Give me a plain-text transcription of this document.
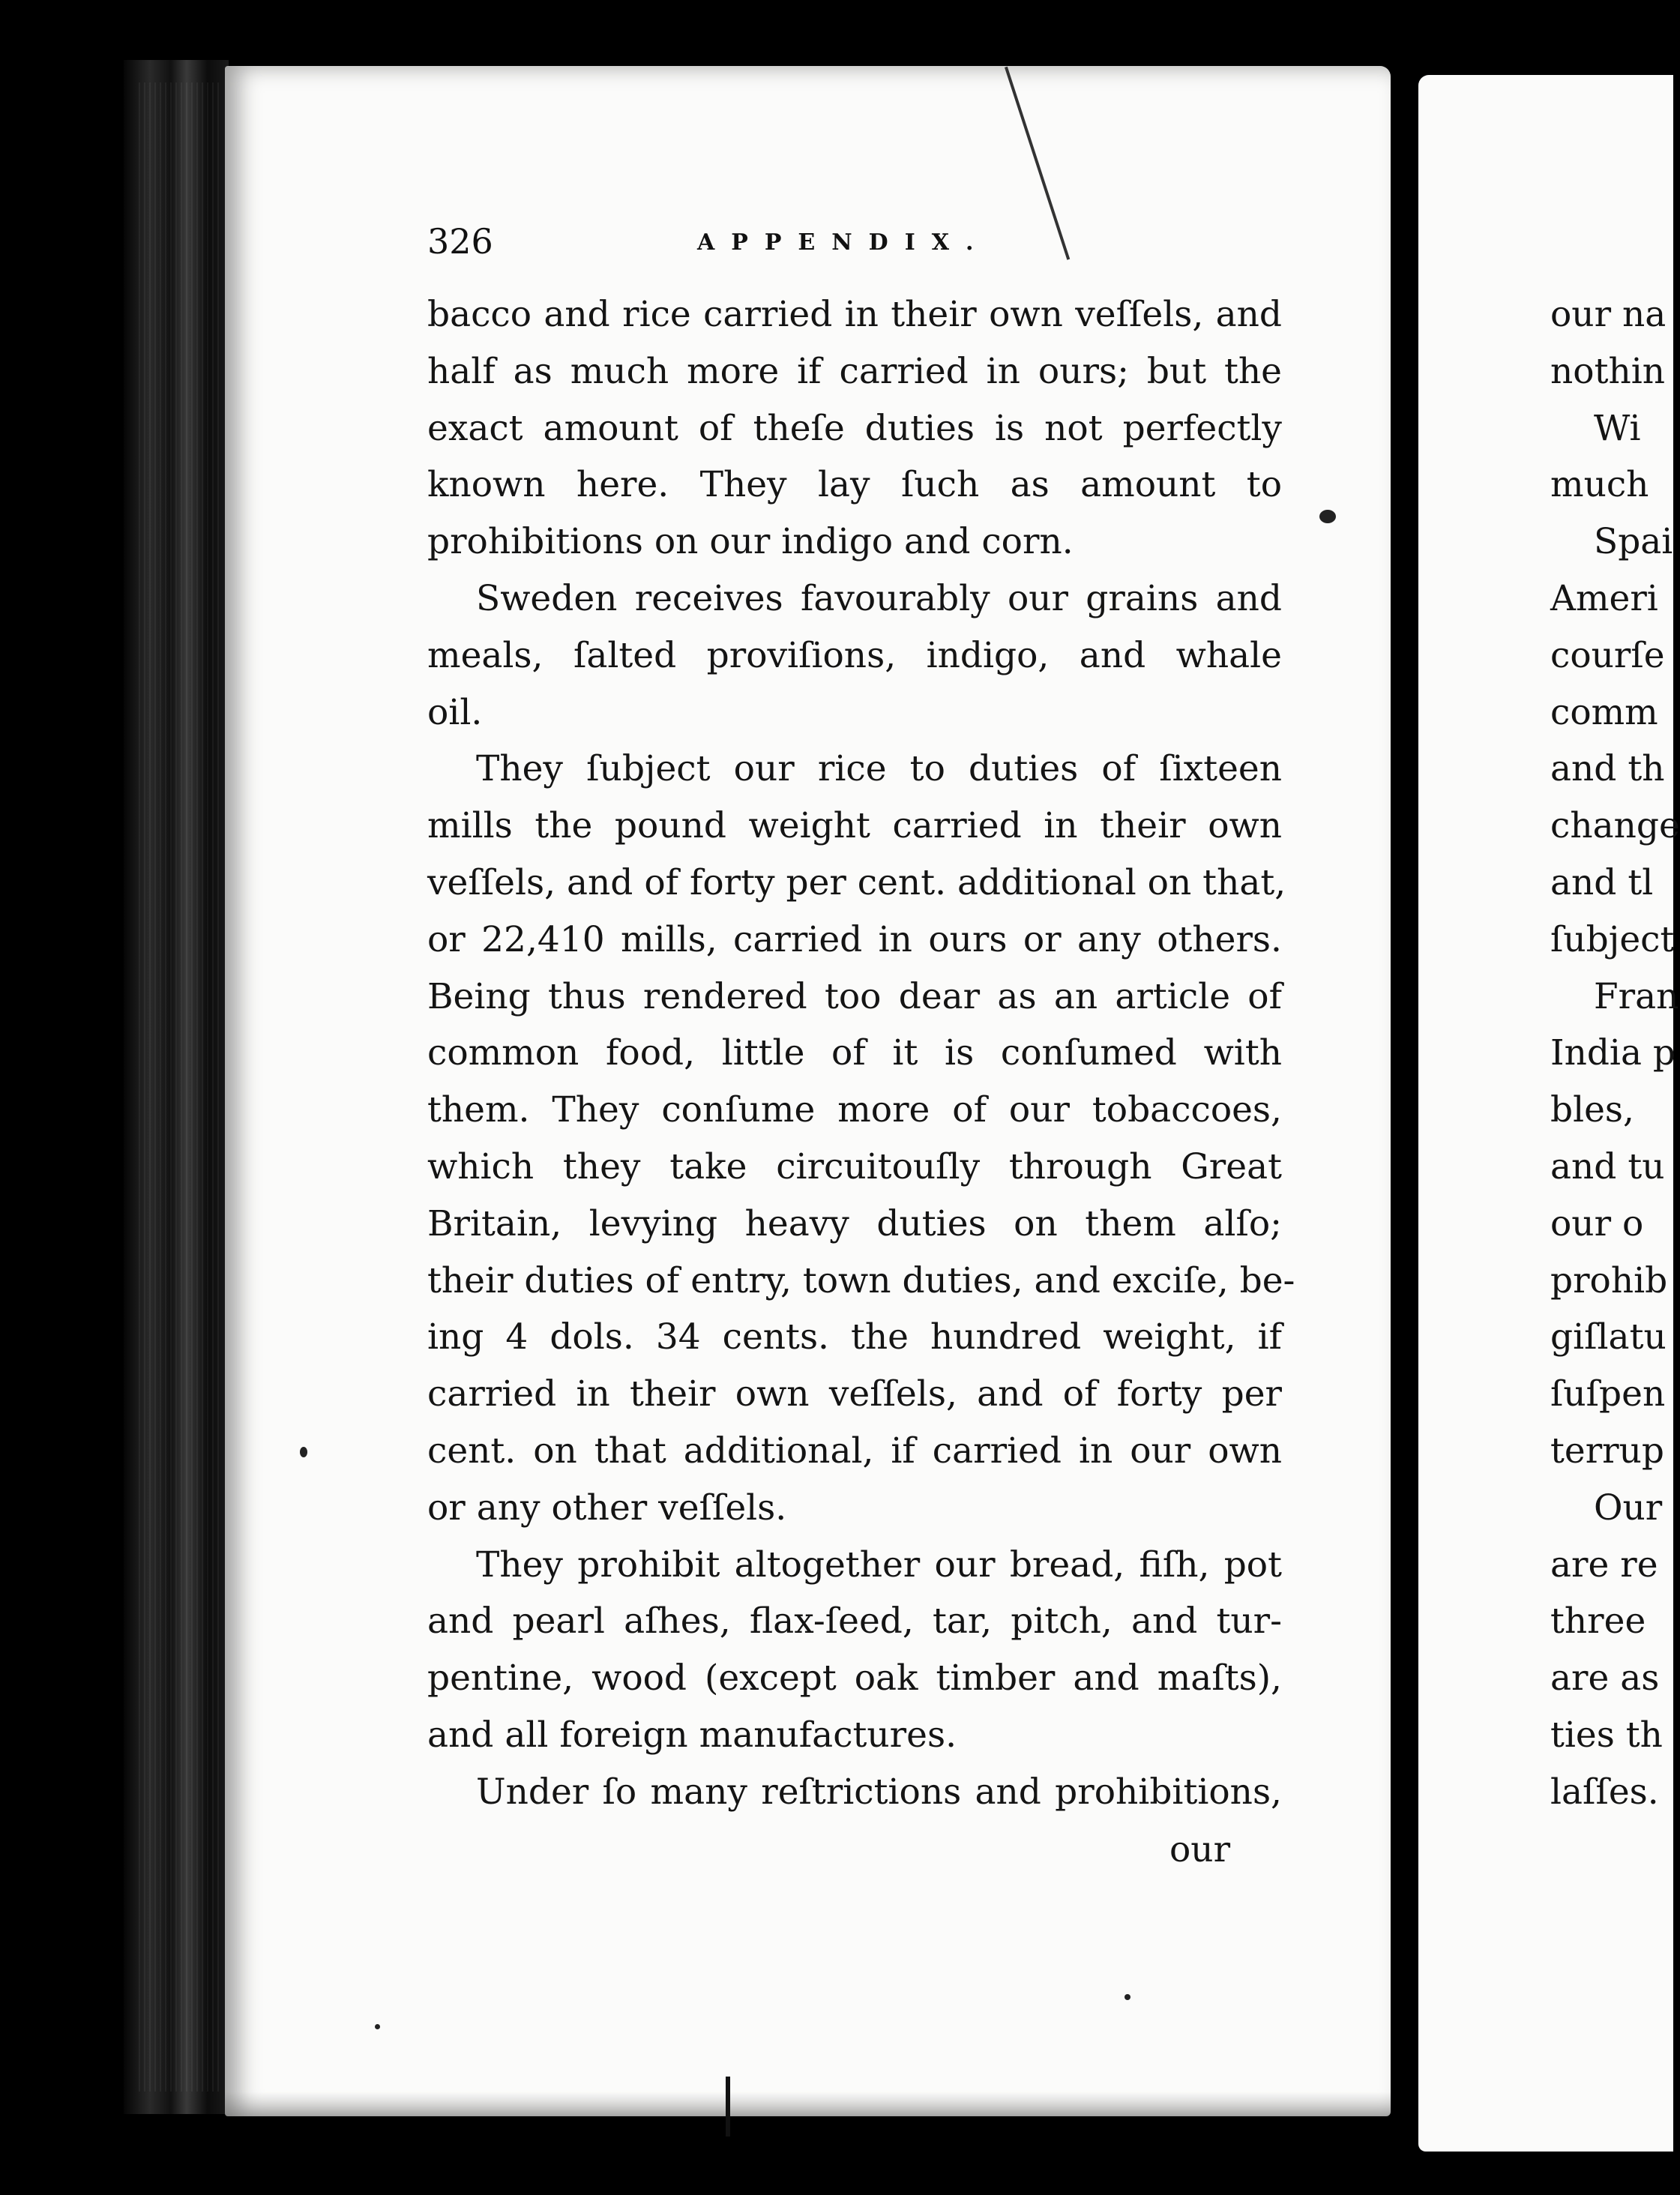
326	APPENDIX.
bacco and rice carried in their own veſſels, and
half as much more if carried in ours; but the
exact amount of theſe duties is not perfectly
known here. They lay ſuch as amount to
prohibitions on our indigo and corn.
Sweden receives favourably our grains and
meals, ſalted proviſions, indigo, and whale
oil.
They ſubject our rice to duties of ſixteen
mills the pound weight carried in their own
veſſels, and of forty per cent. additional on that,
or 22,410 mills, carried in ours or any others.
Being thus rendered too dear as an article of
common food, little of it is conſumed with
them. They conſume more of our tobaccoes,
which they take circuitouſly through Great
Britain, levying heavy duties on them alſo;
their duties of entry, town duties, and exciſe, be-
ing 4 dols. 34 cents. the hundred weight, if
carried in their own veſſels, and of forty per
cent. on that additional, if carried in our own
or any other veſſels.
They prohibit altogether our bread, fiſh, pot
and pearl aſhes, flax-ſeed, tar, pitch, and tur-
pentine, wood (except oak timber and maſts),
and all foreign manufactures.
Under ſo many reſtrictions and prohibitions,
our
our na
nothin
Wi
much
Spai
Ameri
courſe
comm
and th
change
and tl
ſubject
Fran
India p
bles,
and tu
our o
prohib
giſlatu
ſuſpen
terrup
Our
are re
three
are as
ties th
laſſes.
